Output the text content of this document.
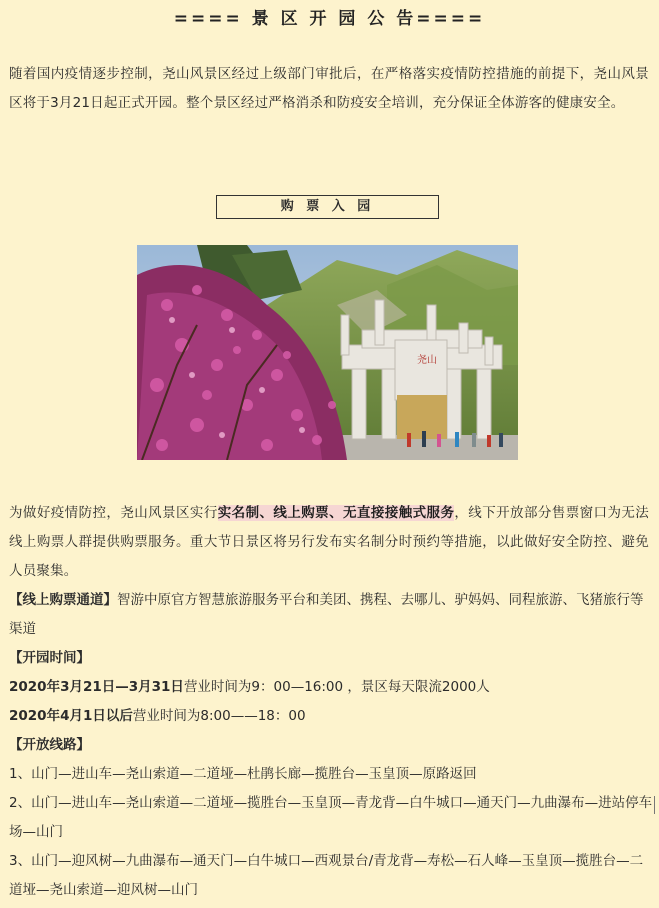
==== 景 区 开 园 公 告====

随着国内疫情逐步控制，尧山风景区经过上级部门审批后，在严格落实疫情防控措施的前提下，尧山风景区将于3月21日起正式开园。整个景区经过严格消杀和防疫安全培训，充分保证全体游客的健康安全。

购 票 入 园
尧山

为做好疫情防控，尧山风景区实行实名制、线上购票、无直接接触式服务，线下开放部分售票窗口为无法线上购票人群提供购票服务。重大节日景区将另行发布实名制分时预约等措施，以此做好安全防控、避免人员聚集。

【线上购票通道】智游中原官方智慧旅游服务平台和美团、携程、去哪儿、驴妈妈、同程旅游、飞猪旅行等渠道

【开园时间】

2020年3月21日—3月31日营业时间为9：00—16:00 ，景区每天限流2000人

2020年4月1日以后营业时间为8:00——18：00

【开放线路】

1、山门—进山车—尧山索道—二道垭—杜鹃长廊—揽胜台—玉皇顶—原路返回

2、山门—进山车—尧山索道—二道垭—揽胜台—玉皇顶—青龙背—白牛城口—通天门—九曲瀑布—进站停车场—山门

3、山门—迎风树—九曲瀑布—通天门—白牛城口—西观景台/青龙背—寿松—石人峰—玉皇顶—揽胜台—二道垭—尧山索道—迎风树—山门
